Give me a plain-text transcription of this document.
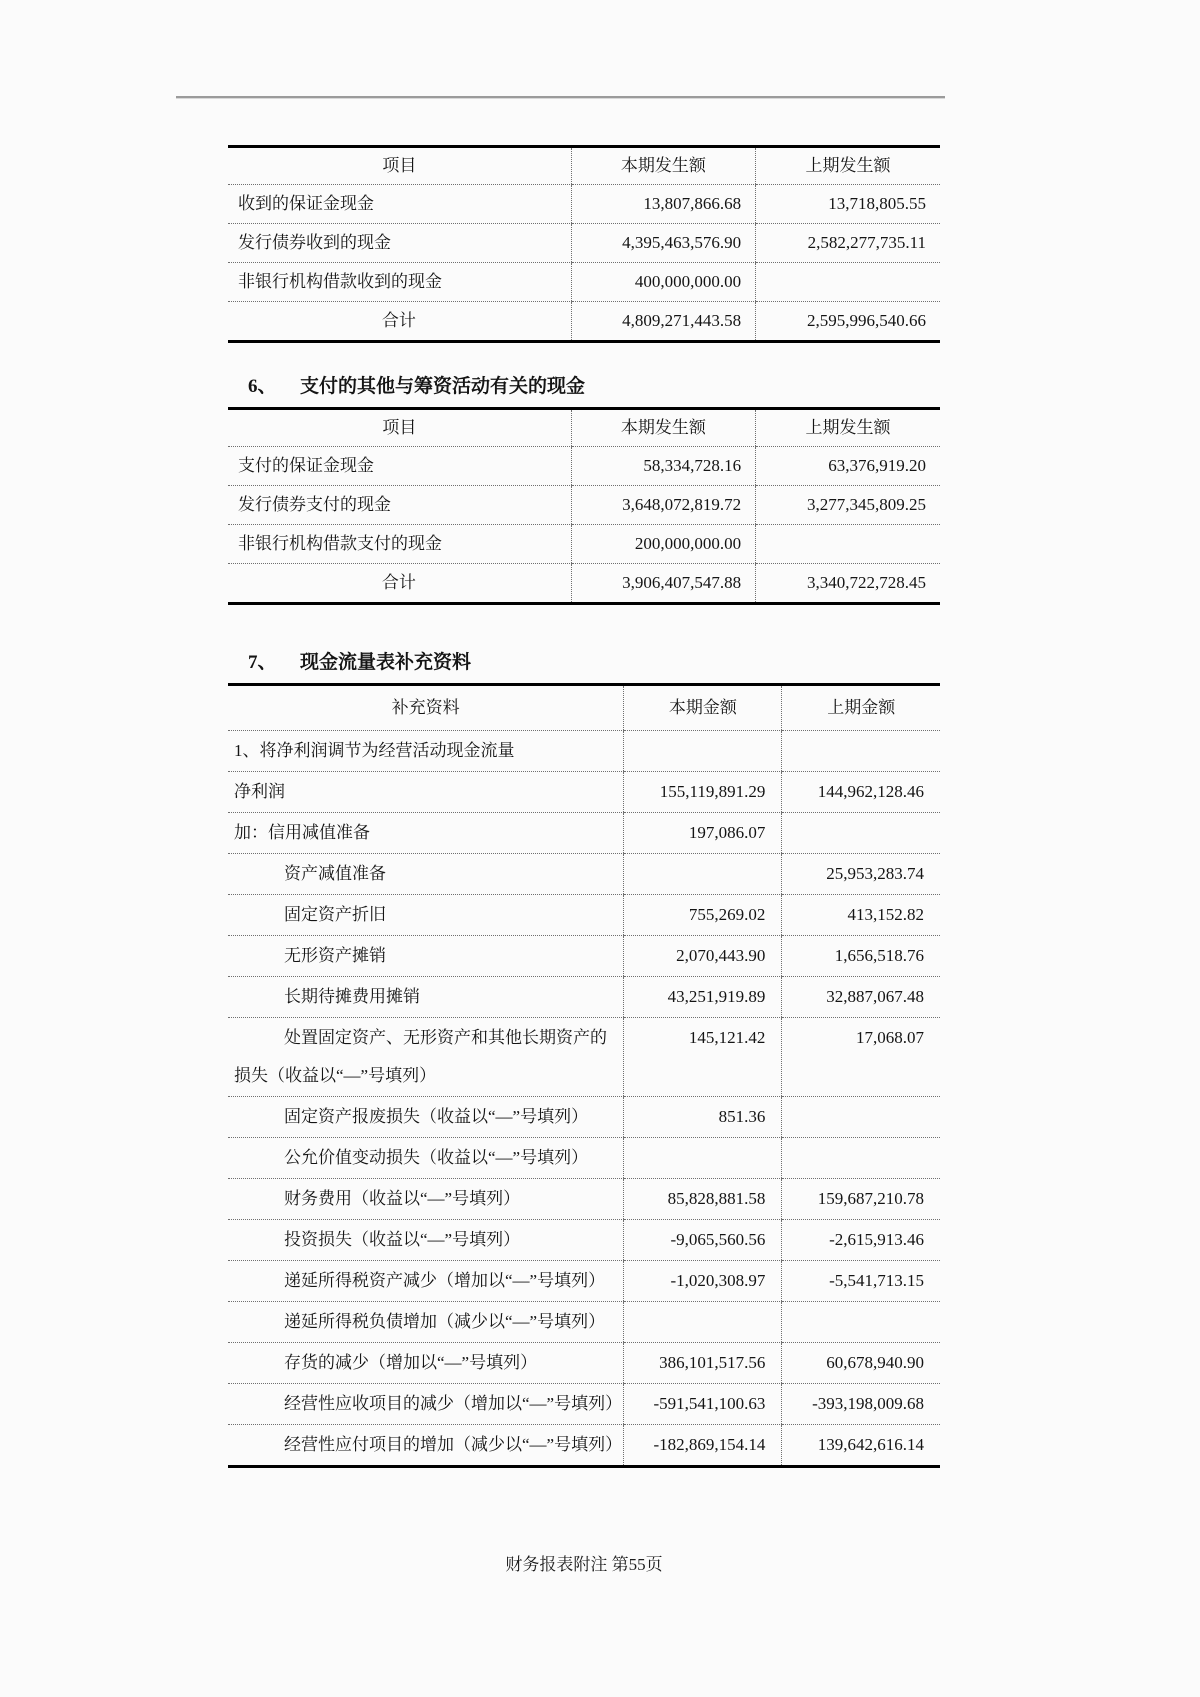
项目	本期发生额	上期发生额
收到的保证金现金	13,807,866.68	13,718,805.55
发行债券收到的现金	4,395,463,576.90	2,582,277,735.11
非银行机构借款收到的现金	400,000,000.00	
合计	4,809,271,443.58	2,595,996,540.66
6、 支付的其他与筹资活动有关的现金
项目	本期发生额	上期发生额
支付的保证金现金	58,334,728.16	63,376,919.20
发行债券支付的现金	3,648,072,819.72	3,277,345,809.25
非银行机构借款支付的现金	200,000,000.00	
合计	3,906,407,547.88	3,340,722,728.45
7、 现金流量表补充资料
补充资料	本期金额	上期金额
1、将净利润调节为经营活动现金流量		
净利润	155,119,891.29	144,962,128.46
加：信用减值准备	197,086.07	
资产减值准备		25,953,283.74
固定资产折旧	755,269.02	413,152.82
无形资产摊销	2,070,443.90	1,656,518.76
长期待摊费用摊销	43,251,919.89	32,887,067.48
处置固定资产、无形资产和其他长期资产的损失（收益以“—”号填列）	145,121.42	17,068.07
固定资产报废损失（收益以“—”号填列）	851.36	
公允价值变动损失（收益以“—”号填列）		
财务费用（收益以“—”号填列）	85,828,881.58	159,687,210.78
投资损失（收益以“—”号填列）	-9,065,560.56	-2,615,913.46
递延所得税资产减少（增加以“—”号填列）	-1,020,308.97	-5,541,713.15
递延所得税负债增加（减少以“—”号填列）		
存货的减少（增加以“—”号填列）	386,101,517.56	60,678,940.90
经营性应收项目的减少（增加以“—”号填列）	-591,541,100.63	-393,198,009.68
经营性应付项目的增加（减少以“—”号填列）	-182,869,154.14	139,642,616.14
财务报表附注 第55页
